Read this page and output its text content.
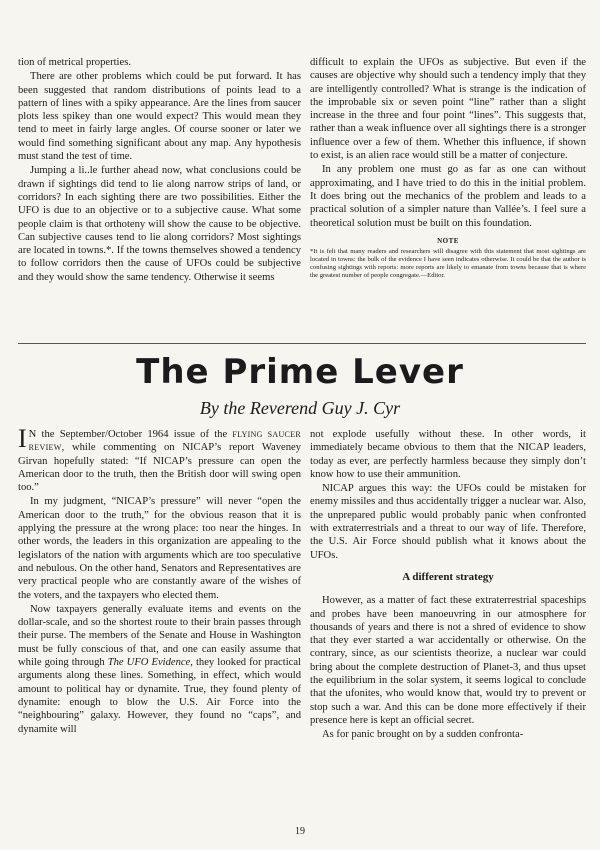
tion of metrical properties.

There are other problems which could be put forward. It has been suggested that random distributions of points lead to a pattern of lines with a spiky appearance. Are the lines from saucer plots less spikey than one would expect? This would mean they tend to meet in fairly large angles. Of course sooner or later we would find something significant about any map. Any hypothesis must stand the test of time.

Jumping a li..le further ahead now, what conclusions could be drawn if sightings did tend to lie along narrow strips of land, or corridors? In each sighting there are two possibilities. Either the UFO is due to an objective or to a subjective cause. What some people claim is that orthoteny will show the cause to be objective. Can subjective causes tend to lie along corridors? Most sightings are located in towns.*. If the towns themselves showed a tendency to follow corridors then the cause of UFOs could be subjective and they would show the same tendency. Otherwise it seems

difficult to explain the UFOs as subjective. But even if the causes are objective why should such a tendency imply that they are intelligently controlled? What is strange is the indication of the improbable six or seven point “line” rather than a slight increase in the three and four point “lines”. This suggests that, rather than a weak influence over all sightings there is a stronger influence over a few of them. Whether this influence, if shown to exist, is an alien race would still be a matter of conjecture.

In any problem one must go as far as one can without approximating, and I have tried to do this in the initial problem. It does bring out the mechanics of the problem and leads to a practical solution of a simpler nature than Vallée’s. I feel sure a theoretical solution must be built on this foundation.

NOTE
*It is felt that many readers and researchers will disagree with this statement that most sightings are located in towns: the bulk of the evidence I have seen indicates otherwise. It could be that the author is confusing sightings with reports: more reports are likely to emanate from towns because that is where the greatest number of people congregate.—Editor.
The Prime Lever
By the Reverend Guy J. Cyr

I N the September/October 1964 issue of the FLYING SAUCER REVIEW, while commenting on NICAP’s report Waveney Girvan hopefully stated: “If NICAP’s pressure can open the American door to the truth, then the British door will swing open too.”

In my judgment, “NICAP’s pressure” will never “open the American door to the truth,” for the obvious reason that it is applying the pressure at the wrong place: too near the hinges. In other words, the leaders in this organization are appealing to the legislators of the nation with arguments which are too speculative and nebulous. On the other hand, Senators and Representatives are very practical people who are constantly aware of the wishes of the voters, and the taxpayers who elected them.

Now taxpayers generally evaluate items and events on the dollar-scale, and so the shortest route to their brain passes through their purse. The members of the Senate and House in Washington must be fully conscious of that, and one can easily assume that while going through The UFO Evidence, they looked for practical arguments along these lines. Something, in effect, which would amount to political hay or dynamite. True, they found plenty of dynamite: enough to blow the U.S. Air Force into the “neighbouring” galaxy. However, they found no “caps”, and dynamite will

not explode usefully without these. In other words, it immediately became obvious to them that the NICAP leaders, today as ever, are perfectly harmless because they simply don’t know how to use their ammunition.

NICAP argues this way: the UFOs could be mistaken for enemy missiles and thus accidentally trigger a nuclear war. Also, the unprepared public would probably panic when confronted with extraterrestrials and a threat to our way of life. Therefore, the U.S. Air Force should publish what it knows about the UFOs.

A different strategy

However, as a matter of fact these extraterrestrial spaceships and probes have been manoeuvring in our atmosphere for thousands of years and there is not a shred of evidence to show that they ever started a war accidentally or otherwise. On the contrary, since, as our scientists theorize, a nuclear war could bring about the complete destruction of Planet-3, and thus upset the equilibrium in the solar system, it seems logical to conclude that the ufonites, who would know that, would try to prevent or stop such a war. And this can be done more effectively if their presence here is kept an official secret.

As for panic brought on by a sudden confronta-

19
